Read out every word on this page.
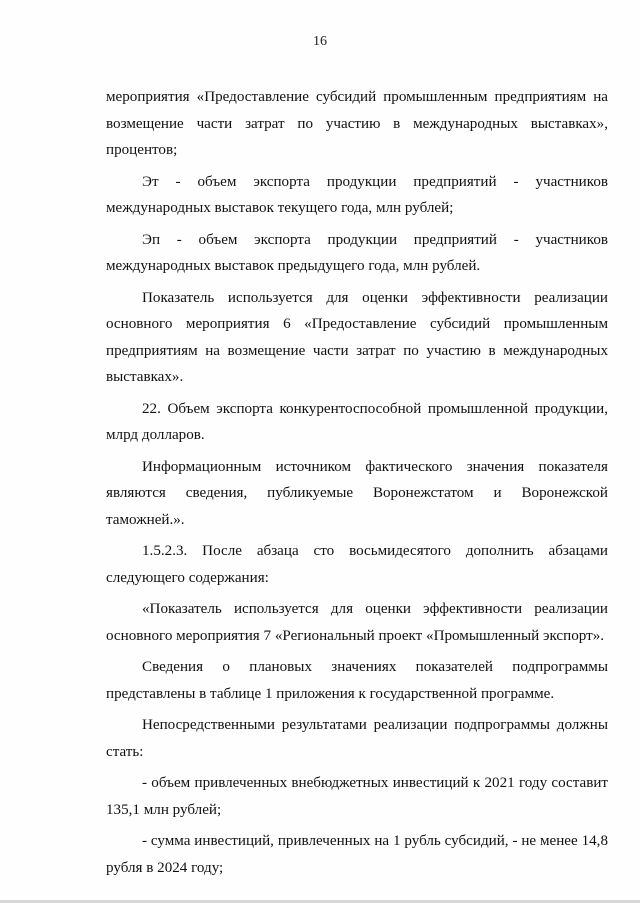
16

мероприятия «Предоставление субсидий промышленным предприятиям на возмещение части затрат по участию в международных выставках», процентов;

Эт - объем экспорта продукции предприятий - участников международных выставок текущего года, млн рублей;

Эп - объем экспорта продукции предприятий - участников международных выставок предыдущего года, млн рублей.

Показатель используется для оценки эффективности реализации основного мероприятия 6 «Предоставление субсидий промышленным предприятиям на возмещение части затрат по участию в международных выставках».

22. Объем экспорта конкурентоспособной промышленной продукции, млрд долларов.

Информационным источником фактического значения показателя являются сведения, публикуемые Воронежстатом и Воронежской таможней.».

1.5.2.3. После абзаца сто восьмидесятого дополнить абзацами следующего содержания:

«Показатель используется для оценки эффективности реализации основного мероприятия 7 «Региональный проект «Промышленный экспорт».

Сведения о плановых значениях показателей подпрограммы представлены в таблице 1 приложения к государственной программе.

Непосредственными результатами реализации подпрограммы должны стать:

- объем привлеченных внебюджетных инвестиций к 2021 году составит 135,1 млн рублей;

- сумма инвестиций, привлеченных на 1 рубль субсидий, - не менее 14,8 рубля в 2024 году;
